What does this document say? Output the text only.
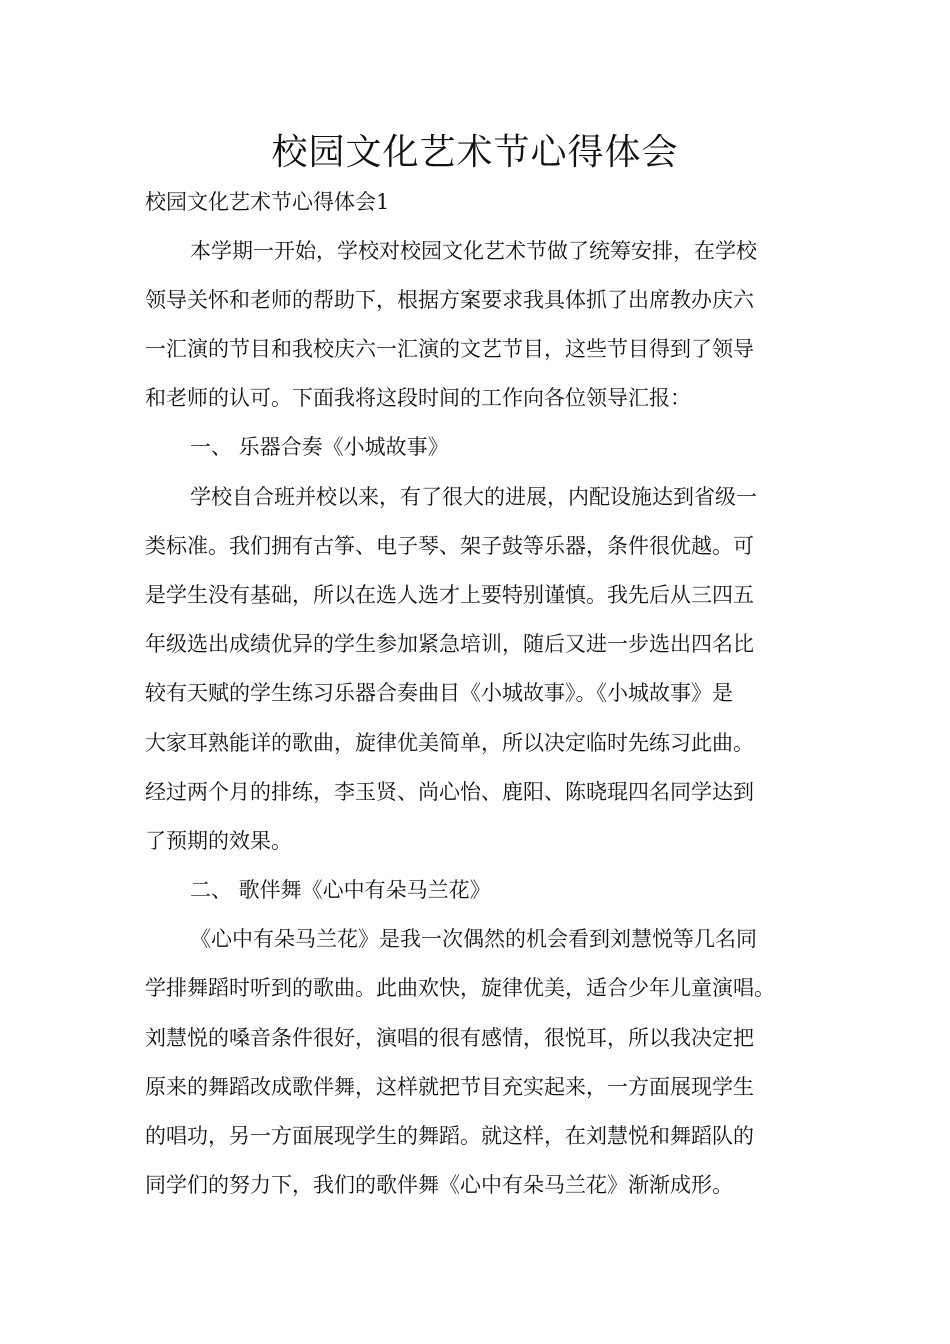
校园文化艺术节心得体会

校园文化艺术节心得体会1

本学期一开始，学校对校园文化艺术节做了统筹安排，在学校

领导关怀和老师的帮助下，根据方案要求我具体抓了出席教办庆六

一汇演的节目和我校庆六一汇演的文艺节目，这些节目得到了领导

和老师的认可。下面我将这段时间的工作向各位领导汇报：

一、 乐器合奏《小城故事》

学校自合班并校以来，有了很大的进展，内配设施达到省级一

类标准。我们拥有古筝、电子琴、架子鼓等乐器，条件很优越。可

是学生没有基础，所以在选人选才上要特别谨慎。我先后从三四五

年级选出成绩优异的学生参加紧急培训，随后又进一步选出四名比

较有天赋的学生练习乐器合奏曲目《小城故事》。《小城故事》是

大家耳熟能详的歌曲，旋律优美简单，所以决定临时先练习此曲。

经过两个月的排练，李玉贤、尚心怡、鹿阳、陈晓琨四名同学达到

了预期的效果。

二、 歌伴舞《心中有朵马兰花》

《心中有朵马兰花》是我一次偶然的机会看到刘慧悦等几名同

学排舞蹈时听到的歌曲。此曲欢快，旋律优美，适合少年儿童演唱。

刘慧悦的嗓音条件很好，演唱的很有感情，很悦耳，所以我决定把

原来的舞蹈改成歌伴舞，这样就把节目充实起来，一方面展现学生

的唱功，另一方面展现学生的舞蹈。就这样，在刘慧悦和舞蹈队的

同学们的努力下，我们的歌伴舞《心中有朵马兰花》渐渐成形。
